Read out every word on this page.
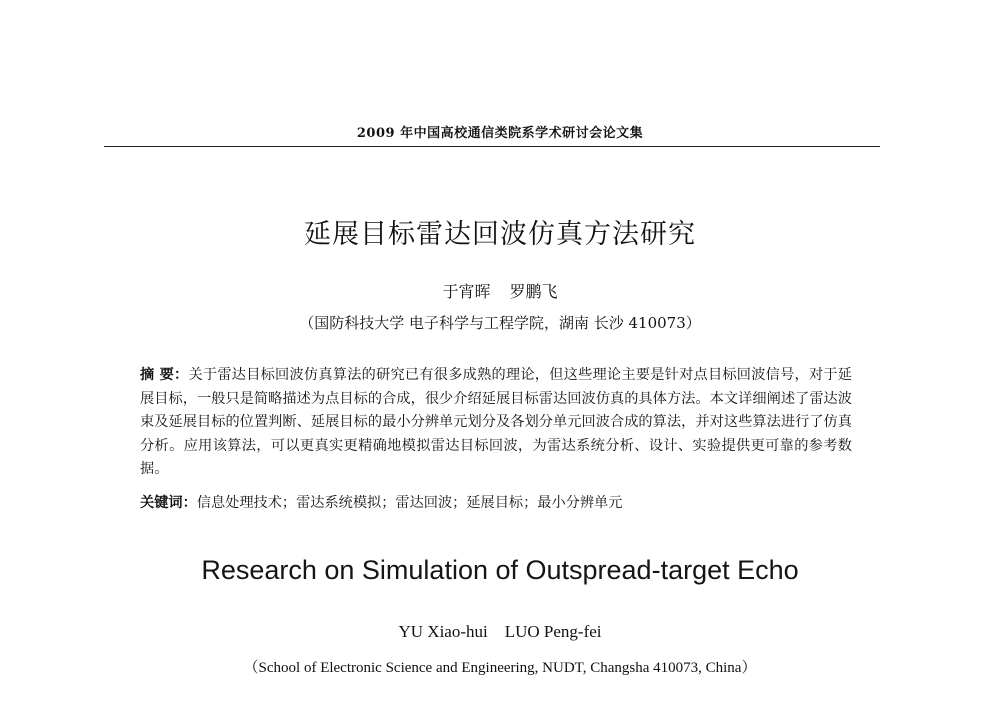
2009 年中国高校通信类院系学术研讨会论文集
延展目标雷达回波仿真方法研究
于宵晖 罗鹏飞
（国防科技大学 电子科学与工程学院，湖南 长沙 410073）
摘 要：关于雷达目标回波仿真算法的研究已有很多成熟的理论，但这些理论主要是针对点目标回波信号，对于延展目标，一般只是简略描述为点目标的合成，很少介绍延展目标雷达回波仿真的具体方法。本文详细阐述了雷达波束及延展目标的位置判断、延展目标的最小分辨单元划分及各划分单元回波合成的算法，并对这些算法进行了仿真分析。应用该算法，可以更真实更精确地模拟雷达目标回波，为雷达系统分析、设计、实验提供更可靠的参考数据。
关键词：信息处理技术；雷达系统模拟；雷达回波；延展目标；最小分辨单元
Research on Simulation of Outspread-target Echo
YU Xiao-hui    LUO Peng-fei
（School of Electronic Science and Engineering, NUDT, Changsha 410073, China）
